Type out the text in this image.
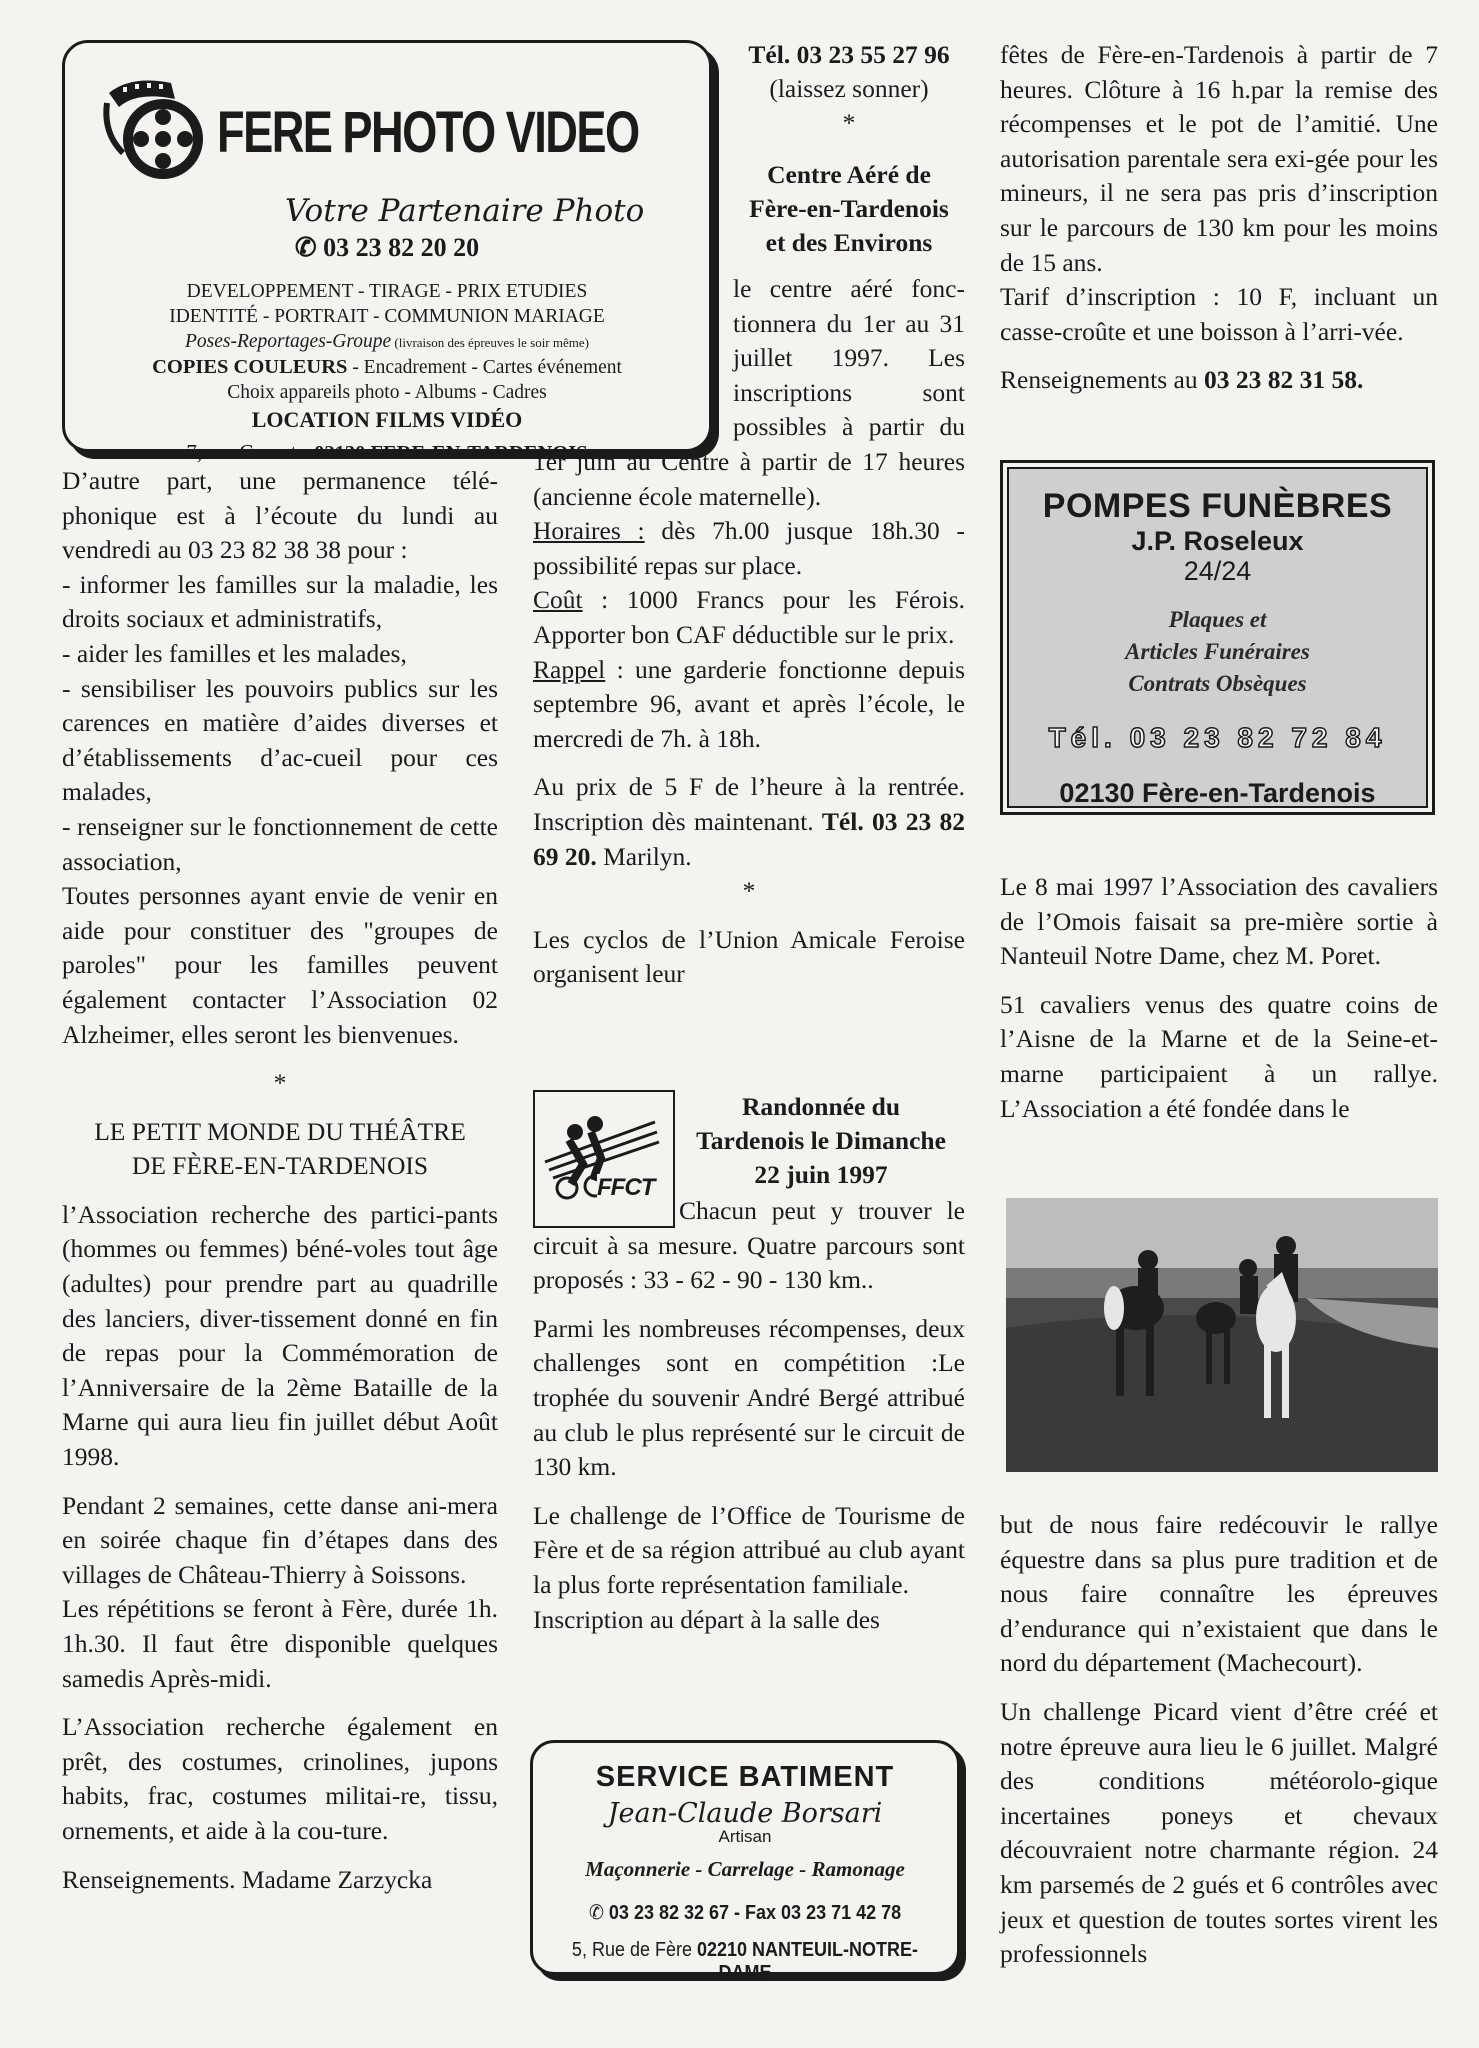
FERE PHOTO VIDEO
Votre Partenaire Photo
✆ 03 23 82 20 20
DEVELOPPEMENT - TIRAGE - PRIX ETUDIES
IDENTITÉ - PORTRAIT - COMMUNION MARIAGE
Poses-Reportages-Groupe (livraison des épreuves le soir même)
COPIES COULEURS - Encadrement - Cartes événement
Choix appareils photo - Albums - Cadres
LOCATION FILMS VIDÉO
7, rue Carnot - 02130 FERE-EN-TARDENOIS

D’autre part, une permanence télé-phonique est à l’écoute du lundi au vendredi au 03 23 82 38 38 pour :

- informer les familles sur la maladie, les droits sociaux et administratifs,

- aider les familles et les malades,

- sensibiliser les pouvoirs publics sur les carences en matière d’aides diverses et d’établissements d’ac-cueil pour ces malades,

- renseigner sur le fonctionnement de cette association,

Toutes personnes ayant envie de venir en aide pour constituer des "groupes de paroles" pour les familles peuvent également contacter l’Association 02 Alzheimer, elles seront les bienvenues.

*
LE PETIT MONDE DU THÉÂTRE
DE FÈRE-EN-TARDENOIS

l’Association recherche des partici-pants (hommes ou femmes) béné-voles tout âge (adultes) pour prendre part au quadrille des lanciers, diver-tissement donné en fin de repas pour la Commémoration de l’Anniversaire de la 2ème Bataille de la Marne qui aura lieu fin juillet début Août 1998.

Pendant 2 semaines, cette danse ani-mera en soirée chaque fin d’étapes dans des villages de Château-Thierry à Soissons.

Les répétitions se feront à Fère, durée 1h. 1h.30. Il faut être disponible quelques samedis Après-midi.

L’Association recherche également en prêt, des costumes, crinolines, jupons habits, frac, costumes militai-re, tissu, ornements, et aide à la cou-ture.

Renseignements. Madame Zarzycka

Tél. 03 23 55 27 96
(laissez sonner)
*
Centre Aéré de
Fère-en-Tardenois
et des Environs

le centre aéré fonc-tionnera du 1er au 31 juillet 1997. Les inscriptions sont possibles à partir du 1er juin au Centre à partir de 17 heures (ancienne école maternelle).

Horaires : dès 7h.00 jusque 18h.30 - possibilité repas sur place.

Coût : 1000 Francs pour les Férois. Apporter bon CAF déductible sur le prix.

Rappel : une garderie fonctionne depuis septembre 96, avant et après l’école, le mercredi de 7h. à 18h.

Au prix de 5 F de l’heure à la rentrée. Inscription dès maintenant. Tél. 03 23 82 69 20. Marilyn.

*

Les cyclos de l’Union Amicale Feroise organisent leur

FFCT
Randonnée du
Tardenois le Dimanche
22 juin 1997

Chacun peut y trouver le circuit à sa mesure. Quatre parcours sont proposés : 33 - 62 - 90 - 130 km..

Parmi les nombreuses récompenses, deux challenges sont en compétition :Le trophée du souvenir André Bergé attribué au club le plus représenté sur le circuit de 130 km.

Le challenge de l’Office de Tourisme de Fère et de sa région attribué au club ayant la plus forte représentation familiale.

Inscription au départ à la salle des

SERVICE BATIMENT
Jean-Claude Borsari
Artisan
Maçonnerie - Carrelage - Ramonage
✆ 03 23 82 32 67 - Fax 03 23 71 42 78
5, Rue de Fère 02210 NANTEUIL-NOTRE-DAME

fêtes de Fère-en-Tardenois à partir de 7 heures. Clôture à 16 h.par la remise des récompenses et le pot de l’amitié. Une autorisation parentale sera exi-gée pour les mineurs, il ne sera pas pris d’inscription sur le parcours de 130 km pour les moins de 15 ans.

Tarif d’inscription : 10 F, incluant un casse-croûte et une boisson à l’arri-vée.

Renseignements au 03 23 82 31 58.

POMPES FUNÈBRES
J.P. Roseleux
24/24
Plaques et
Articles Funéraires
Contrats Obsèques
Tél. 03 23 82 72 84
02130 Fère-en-Tardenois

Le 8 mai 1997 l’Association des cavaliers de l’Omois faisait sa pre-mière sortie à Nanteuil Notre Dame, chez M. Poret.

51 cavaliers venus des quatre coins de l’Aisne de la Marne et de la Seine-et-marne participaient à un rallye. L’Association a été fondée dans le

but de nous faire redécouvir le rallye équestre dans sa plus pure tradition et de nous faire connaître les épreuves d’endurance qui n’existaient que dans le nord du département (Machecourt).

Un challenge Picard vient d’être créé et notre épreuve aura lieu le 6 juillet. Malgré des conditions météorolo-gique incertaines poneys et chevaux découvraient notre charmante région. 24 km parsemés de 2 gués et 6 contrôles avec jeux et question de toutes sortes virent les professionnels
